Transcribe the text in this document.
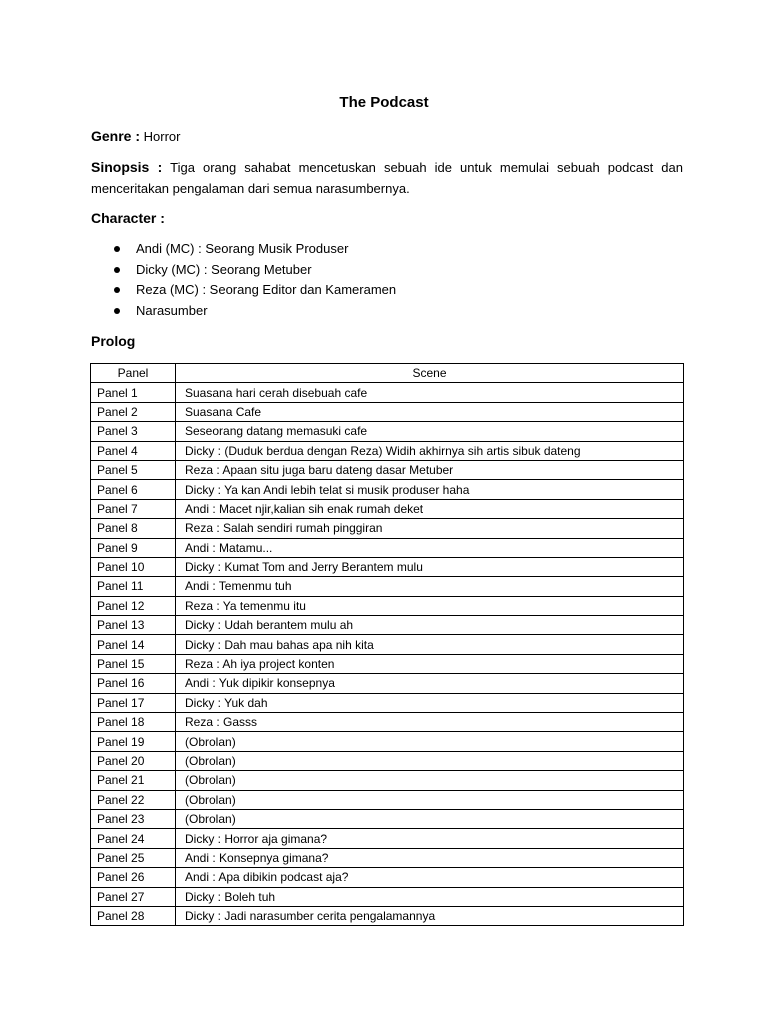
The Podcast
Genre : Horror
Sinopsis : Tiga orang sahabat mencetuskan sebuah ide untuk memulai sebuah podcast dan menceritakan pengalaman dari semua narasumbernya.
Character :
Andi (MC) : Seorang Musik Produser
Dicky (MC) : Seorang Metuber
Reza (MC) : Seorang Editor dan Kameramen
Narasumber
Prolog
Panel	Scene
Panel 1	Suasana hari cerah disebuah cafe
Panel 2	Suasana Cafe
Panel 3	Seseorang datang memasuki cafe
Panel 4	Dicky : (Duduk berdua dengan Reza) Widih akhirnya sih artis sibuk dateng
Panel 5	Reza : Apaan situ juga baru dateng dasar Metuber
Panel 6	Dicky : Ya kan Andi lebih telat si musik produser haha
Panel 7	Andi : Macet njir,kalian sih enak rumah deket
Panel 8	Reza : Salah sendiri rumah pinggiran
Panel 9	Andi : Matamu...
Panel 10	Dicky : Kumat Tom and Jerry Berantem mulu
Panel 11	Andi : Temenmu tuh
Panel 12	Reza : Ya temenmu itu
Panel 13	Dicky : Udah berantem mulu ah
Panel 14	Dicky : Dah mau bahas apa nih kita
Panel 15	Reza : Ah iya project konten
Panel 16	Andi : Yuk dipikir konsepnya
Panel 17	Dicky : Yuk dah
Panel 18	Reza : Gasss
Panel 19	(Obrolan)
Panel 20	(Obrolan)
Panel 21	(Obrolan)
Panel 22	(Obrolan)
Panel 23	(Obrolan)
Panel 24	Dicky : Horror aja gimana?
Panel 25	Andi : Konsepnya gimana?
Panel 26	Andi : Apa dibikin podcast aja?
Panel 27	Dicky : Boleh tuh
Panel 28	Dicky : Jadi narasumber cerita pengalamannya
